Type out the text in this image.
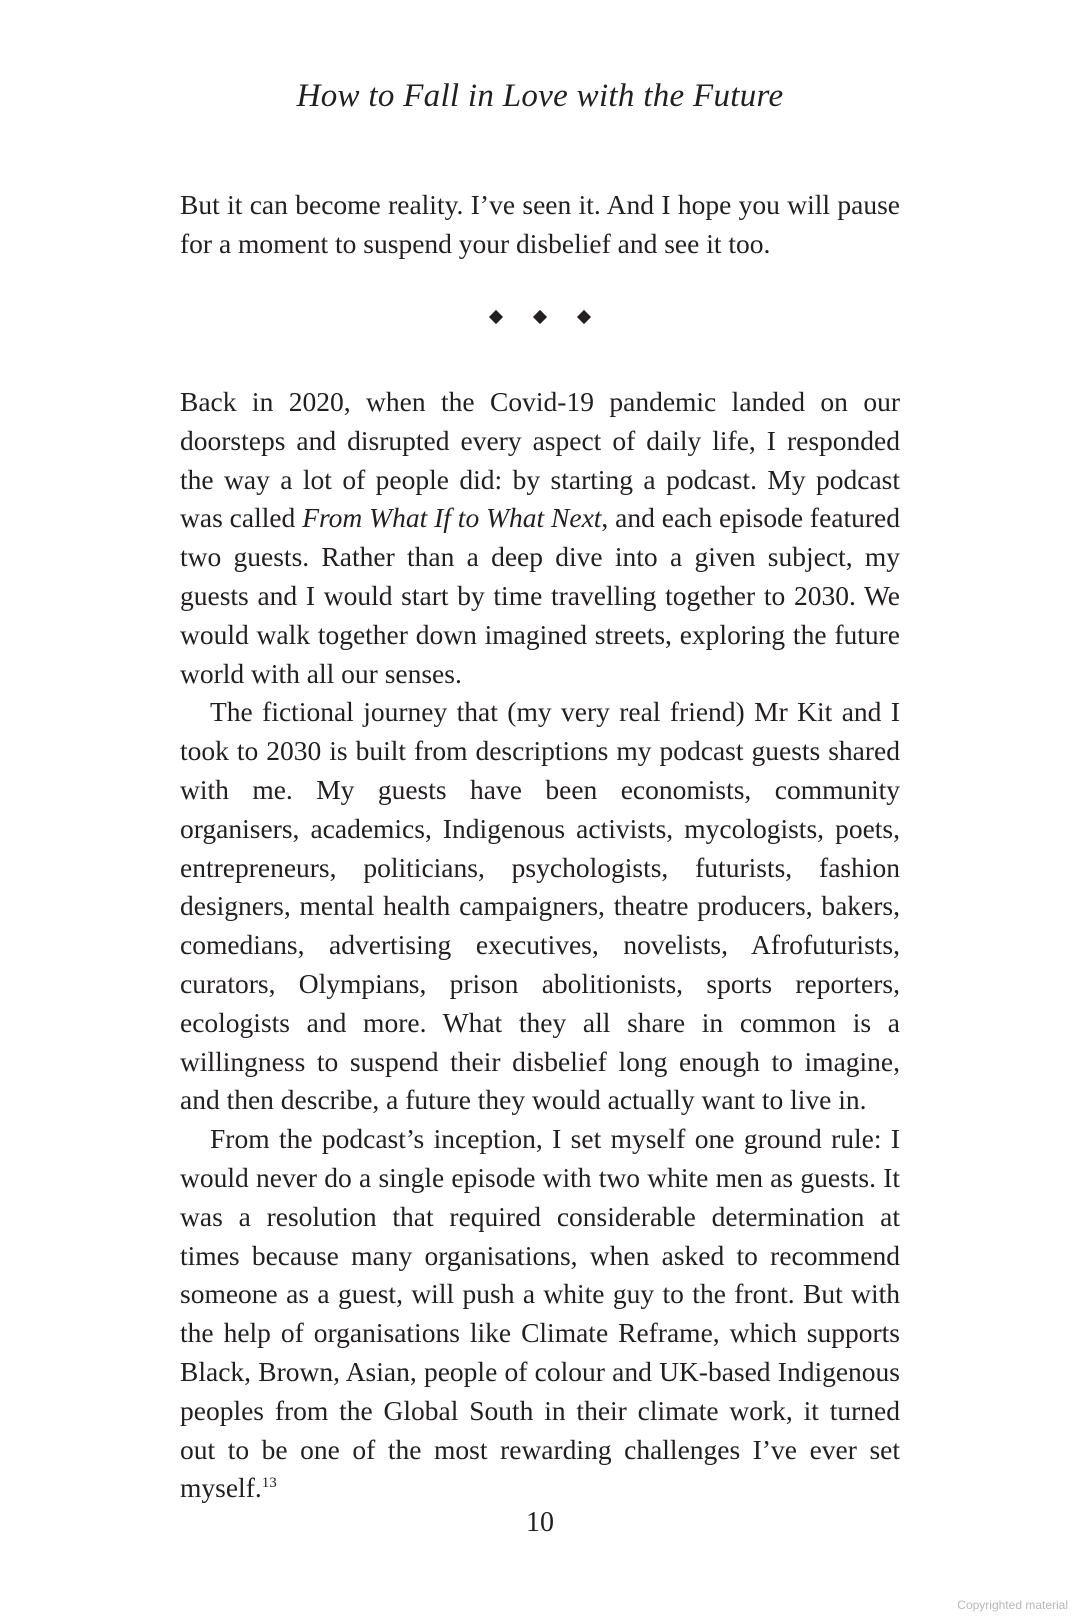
How to Fall in Love with the Future

But it can become reality. I’ve seen it. And I hope you will pause for a moment to suspend your disbelief and see it too.

Back in 2020, when the Covid-19 pandemic landed on our doorsteps and disrupted every aspect of daily life, I responded the way a lot of people did: by starting a podcast. My podcast was called From What If to What Next, and each episode featured two guests. Rather than a deep dive into a given subject, my guests and I would start by time travelling together to 2030. We would walk together down imagined streets, exploring the future world with all our senses.

The fictional journey that (my very real friend) Mr Kit and I took to 2030 is built from descriptions my podcast guests shared with me. My guests have been economists, community organisers, academics, Indigenous activists, mycologists, poets, entrepreneurs, politicians, psychologists, futurists, fashion designers, mental health campaigners, theatre producers, bakers, comedians, advertising executives, novelists, Afrofuturists, curators, Olympians, prison abolitionists, sports reporters, ecologists and more. What they all share in common is a willingness to suspend their disbelief long enough to imagine, and then describe, a future they would actually want to live in.

From the podcast’s inception, I set myself one ground rule: I would never do a single episode with two white men as guests. It was a resolution that required considerable determination at times because many organisations, when asked to recommend someone as a guest, will push a white guy to the front. But with the help of organisations like Climate Reframe, which supports Black, Brown, Asian, people of colour and UK-based Indigenous peoples from the Global South in their climate work, it turned out to be one of the most rewarding challenges I’ve ever set myself.$^{13}$

10
Copyrighted material
